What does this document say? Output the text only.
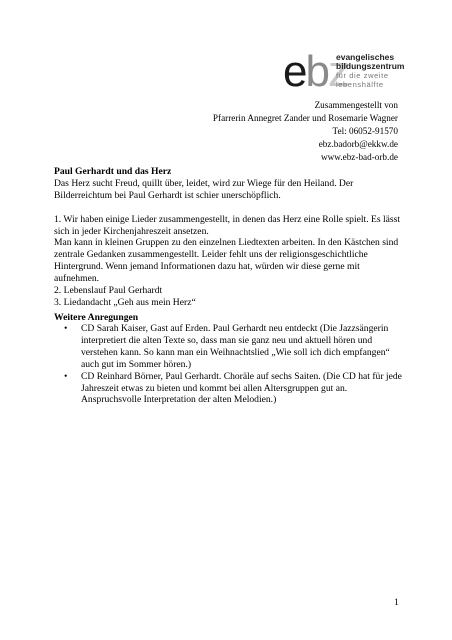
ebz
evangelisches
bildungszentrum
für die zweite
lebenshälfte
Zusammengestellt von
Pfarrerin Annegret Zander und Rosemarie Wagner
Tel: 06052-91570
ebz.badorb@ekkw.de
www.ebz-bad-orb.de
Paul Gerhardt und das Herz

Das Herz sucht Freud, quillt über, leidet, wird zur Wiege für den Heiland. Der Bilderreichtum bei Paul Gerhardt ist schier unerschöpflich.

1. Wir haben einige Lieder zusammengestellt, in denen das Herz eine Rolle spielt. Es lässt sich in jeder Kirchenjahreszeit ansetzen.

Man kann in kleinen Gruppen zu den einzelnen Liedtexten arbeiten. In den Kästchen sind zentrale Gedanken zusammengestellt. Leider fehlt uns der religionsgeschichtliche Hintergrund. Wenn jemand Informationen dazu hat, würden wir diese gerne mit aufnehmen.

2. Lebenslauf Paul Gerhardt

3. Liedandacht „Geh aus mein Herz“

Weitere Anregungen
• CD Sarah Kaiser, Gast auf Erden. Paul Gerhardt neu entdeckt (Die Jazzsängerin interpretiert die alten Texte so, dass man sie ganz neu und aktuell hören und verstehen kann. So kann man ein Weihnachtslied „Wie soll ich dich empfangen“ auch gut im Sommer hören.)
• CD Reinhard Börner, Paul Gerhardt. Choräle auf sechs Saiten. (Die CD hat für jede Jahreszeit etwas zu bieten und kommt bei allen Altersgruppen gut an. Anspruchsvolle Interpretation der alten Melodien.)
1
